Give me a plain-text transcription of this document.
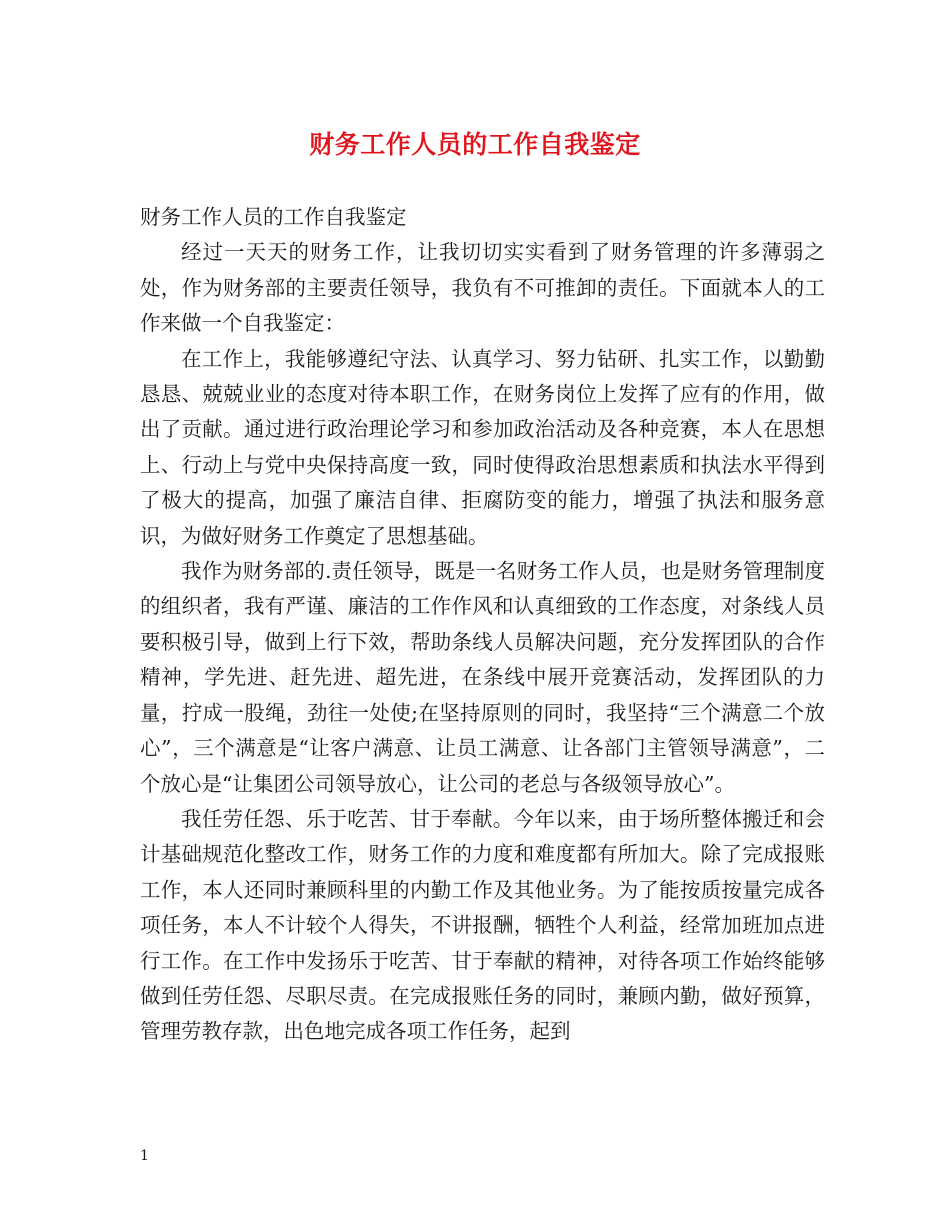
财务工作人员的工作自我鉴定

财务工作人员的工作自我鉴定

经过一天天的财务工作，让我切切实实看到了财务管理的许多薄弱之处，作为财务部的主要责任领导，我负有不可推卸的责任。下面就本人的工作来做一个自我鉴定：

在工作上，我能够遵纪守法、认真学习、努力钻研、扎实工作，以勤勤恳恳、兢兢业业的态度对待本职工作，在财务岗位上发挥了应有的作用，做出了贡献。通过进行政治理论学习和参加政治活动及各种竞赛，本人在思想上、行动上与党中央保持高度一致，同时使得政治思想素质和执法水平得到了极大的提高，加强了廉洁自律、拒腐防变的能力，增强了执法和服务意识，为做好财务工作奠定了思想基础。

我作为财务部的.责任领导，既是一名财务工作人员，也是财务管理制度的组织者，我有严谨、廉洁的工作作风和认真细致的工作态度，对条线人员要积极引导，做到上行下效，帮助条线人员解决问题，充分发挥团队的合作精神，学先进、赶先进、超先进，在条线中展开竞赛活动，发挥团队的力量，拧成一股绳，劲往一处使;在坚持原则的同时，我坚持“三个满意二个放心”，三个满意是“让客户满意、让员工满意、让各部门主管领导满意”，二个放心是“让集团公司领导放心，让公司的老总与各级领导放心”。

我任劳任怨、乐于吃苦、甘于奉献。今年以来，由于场所整体搬迁和会计基础规范化整改工作，财务工作的力度和难度都有所加大。除了完成报账工作，本人还同时兼顾科里的内勤工作及其他业务。为了能按质按量完成各项任务，本人不计较个人得失，不讲报酬，牺牲个人利益，经常加班加点进行工作。在工作中发扬乐于吃苦、甘于奉献的精神，对待各项工作始终能够做到任劳任怨、尽职尽责。在完成报账任务的同时，兼顾内勤，做好预算，管理劳教存款，出色地完成各项工作任务，起到

1
